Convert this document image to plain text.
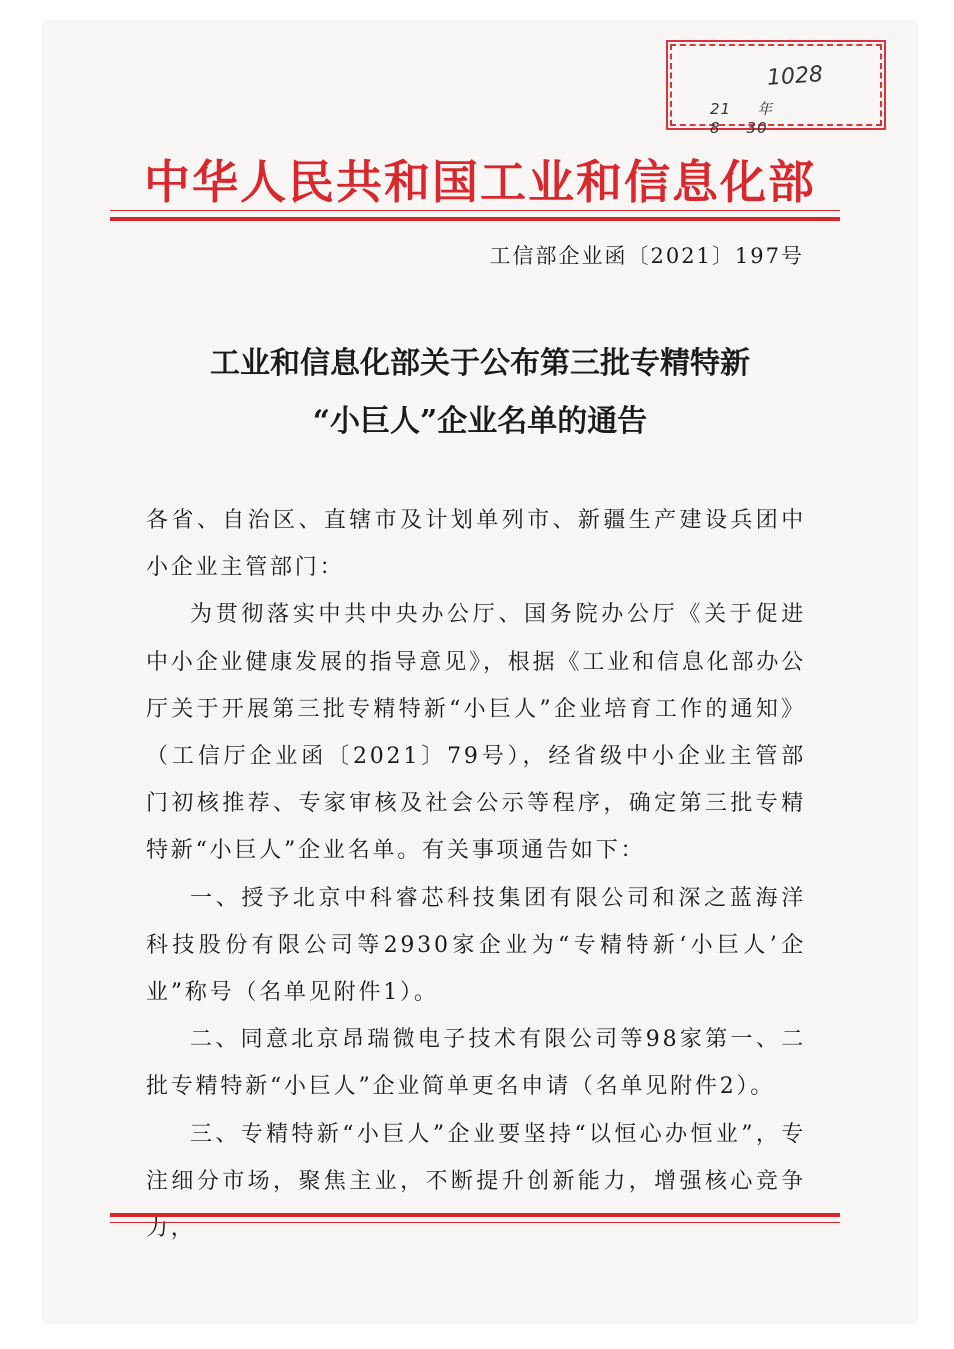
1028
21 年8 30
中华人民共和国工业和信息化部
工信部企业函〔2021〕197号
工业和信息化部关于公布第三批专精特新
“小巨人”企业名单的通告

各省、自治区、直辖市及计划单列市、新疆生产建设兵团中小企业主管部门：

为贯彻落实中共中央办公厅、国务院办公厅《关于促进中小企业健康发展的指导意见》，根据《工业和信息化部办公厅关于开展第三批专精特新“小巨人”企业培育工作的通知》（工信厅企业函〔2021〕79号），经省级中小企业主管部门初核推荐、专家审核及社会公示等程序，确定第三批专精特新“小巨人”企业名单。有关事项通告如下：

一、授予北京中科睿芯科技集团有限公司和深之蓝海洋科技股份有限公司等2930家企业为“专精特新‘小巨人’企业”称号（名单见附件1）。

二、同意北京昂瑞微电子技术有限公司等98家第一、二批专精特新“小巨人”企业简单更名申请（名单见附件2）。

三、专精特新“小巨人”企业要坚持“以恒心办恒业”，专注细分市场，聚焦主业，不断提升创新能力，增强核心竞争力，
